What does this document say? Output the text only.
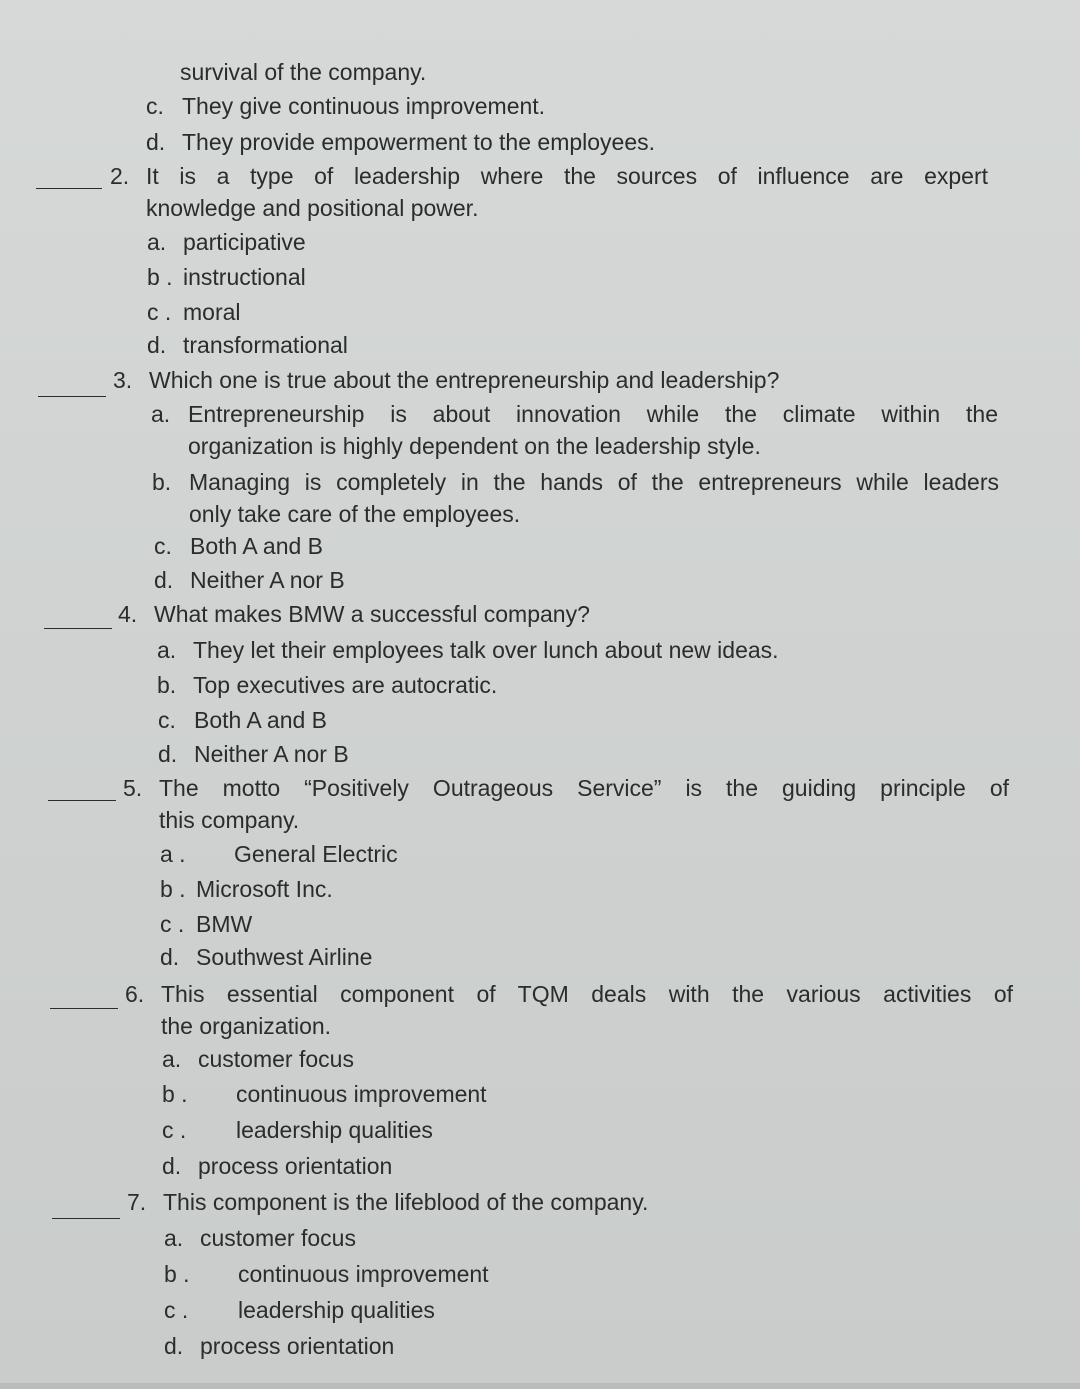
survival of the company.
c. They give continuous improvement.
d. They provide empowerment to the employees.
2. It is a type of leadership where the sources of influence are expert
knowledge and positional power.
a. participative
b . instructional
c . moral
d. transformational
3. Which one is true about the entrepreneurship and leadership?
a. Entrepreneurship is about innovation while the climate within the
organization is highly dependent on the leadership style.
b. Managing is completely in the hands of the entrepreneurs while leaders
only take care of the employees.
c. Both A and B
d. Neither A nor B
4. What makes BMW a successful company?
a. They let their employees talk over lunch about new ideas.
b. Top executives are autocratic.
c. Both A and B
d. Neither A nor B
5. The motto “Positively Outrageous Service” is the guiding principle of
this company.
a . General Electric
b . Microsoft Inc.
c . BMW
d. Southwest Airline
6. This essential component of TQM deals with the various activities of
the organization.
a. customer focus
b . continuous improvement
c . leadership qualities
d. process orientation
7. This component is the lifeblood of the company.
a. customer focus
b . continuous improvement
c . leadership qualities
d. process orientation
